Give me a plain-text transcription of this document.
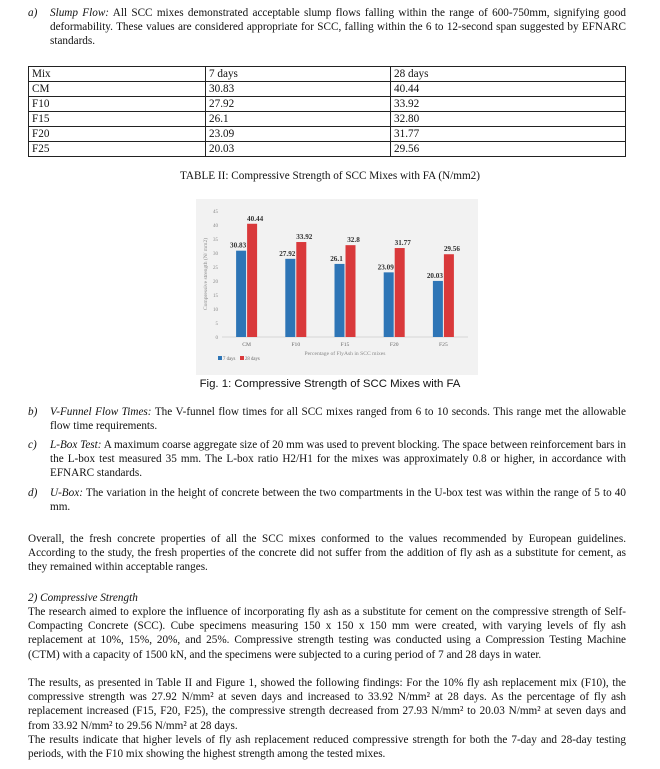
a) Slump Flow: All SCC mixes demonstrated acceptable slump flows falling within the range of 600-750mm, signifying good deformability. These values are considered appropriate for SCC, falling within the 6 to 12-second span suggested by EFNARC standards.
Mix	7 days	28 days
CM	30.83	40.44
F10	27.92	33.92
F15	26.1	32.80
F20	23.09	31.77
F25	20.03	29.56
TABLE II: Compressive Strength of SCC Mixes with FA (N/mm2)
0
5
10
15
20
25
30
35
40
45
Compressive strength (N/ mm2)	30.83
40.44
CM
27.92
33.92
F10
26.1
32.8
F15
23.09
31.77
F20
20.03
29.56
F25
Percentage of FlyAsh in SCC mixes
7 days 28 days
Fig. 1: Compressive Strength of SCC Mixes with FA
b) V-Funnel Flow Times: The V-funnel flow times for all SCC mixes ranged from 6 to 10 seconds. This range met the allowable flow time requirements.
c) L-Box Test: A maximum coarse aggregate size of 20 mm was used to prevent blocking. The space between reinforcement bars in the L-box test measured 35 mm. The L-box ratio H2/H1 for the mixes was approximately 0.8 or higher, in accordance with EFNARC standards.
d) U-Box: The variation in the height of concrete between the two compartments in the U-box test was within the range of 5 to 40 mm.
Overall, the fresh concrete properties of all the SCC mixes conformed to the values recommended by European guidelines. According to the study, the fresh properties of the concrete did not suffer from the addition of fly ash as a substitute for cement, as they remained within acceptable ranges.
2) Compressive Strength
The research aimed to explore the influence of incorporating fly ash as a substitute for cement on the compressive strength of Self-Compacting Concrete (SCC). Cube specimens measuring 150 x 150 x 150 mm were created, with varying levels of fly ash replacement at 10%, 15%, 20%, and 25%. Compressive strength testing was conducted using a Compression Testing Machine (CTM) with a capacity of 1500 kN, and the specimens were subjected to a curing period of 7 and 28 days in water.
The results, as presented in Table II and Figure 1, showed the following findings: For the 10% fly ash replacement mix (F10), the compressive strength was 27.92 N/mm² at seven days and increased to 33.92 N/mm² at 28 days. As the percentage of fly ash replacement increased (F15, F20, F25), the compressive strength decreased from 27.93 N/mm² to 20.03 N/mm² at seven days and from 33.92 N/mm² to 29.56 N/mm² at 28 days.
The results indicate that higher levels of fly ash replacement reduced compressive strength for both the 7-day and 28-day testing periods, with the F10 mix showing the highest strength among the tested mixes.
